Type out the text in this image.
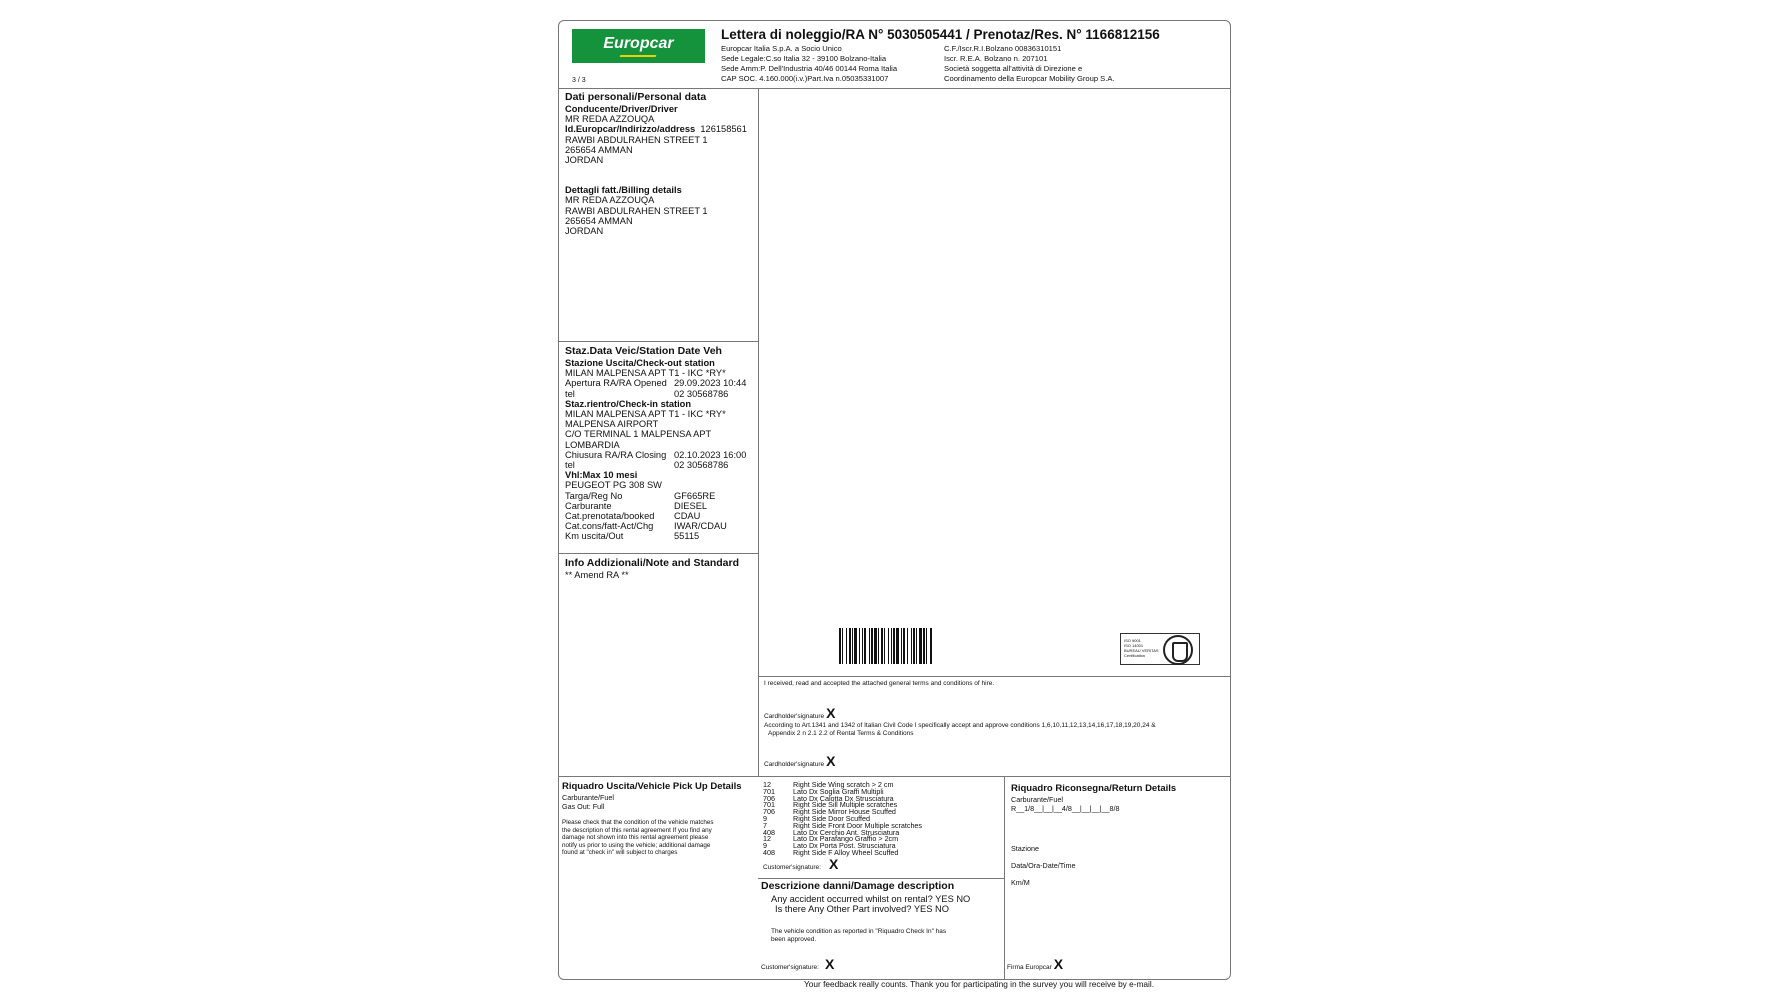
Europcar
3 / 3
Lettera di noleggio/RA N° 5030505441 / Prenotaz/Res. N° 1166812156
Europcar Italia S.p.A. a Socio Unico
Sede Legale:C.so Italia 32 - 39100 Bolzano-Italia
Sede Amm:P. Dell'Industria 40/46 00144 Roma Italia
CAP SOC. 4.160.000(i.v.)Part.Iva n.05035331007
C.F./Iscr.R.I.Bolzano 00836310151
Iscr. R.E.A. Bolzano n. 207101
Società soggetta all'attività di Direzione e
Coordinamento della Europcar Mobility Group S.A.
Dati personali/Personal data
Conducente/Driver/Driver
MR REDA AZZOUQA
Id.Europcar/Indirizzo/address 126158561
RAWBI ABDULRAHEN STREET 1
265654 AMMAN
JORDAN
Dettagli fatt./Billing details
MR REDA AZZOUQA
RAWBI ABDULRAHEN STREET 1
265654 AMMAN
JORDAN
Staz.Data Veic/Station Date Veh
Stazione Uscita/Check-out station
MILAN MALPENSA APT T1 - IKC *RY*
Apertura RA/RA Opened 29.09.2023 10:44
tel	02 30568786
Staz.rientro/Check-in station
MILAN MALPENSA APT T1 - IKC *RY*
MALPENSA AIRPORT
C/O TERMINAL 1 MALPENSA APT
LOMBARDIA
Chiusura RA/RA Closing 02.10.2023 16:00
tel	02 30568786
Vhl:Max 10 mesi
PEUGEOT PG 308 SW
Targa/Reg No	GF665RE
Carburante	DIESEL
Cat.prenotata/booked	CDAU
Cat.cons/fatt-Act/Chg	IWAR/CDAU
Km uscita/Out	55115
Info Addizionali/Note and Standard
** Amend RA **
ISO 9001
ISO 14001
BUREAU VERITAS
Certification
I received, read and accepted the attached general terms and conditions of hire.
Cardholder'signature X
According to Art.1341 and 1342 of Italian Civil Code I specifically accept and approve conditions 1,6,10,11,12,13,14,16,17,18,19,20,24 &
Appendix 2 n 2.1 2.2 of Rental Terms & Conditions
Cardholder'signature X
Riquadro Uscita/Vehicle Pick Up Details
Carburante/Fuel
Gas Out: Full
Please check that the condition of the vehicle matches
the description of this rental agreement If you find any
damage not shown into this rental agreement please
notify us prior to using the vehicle; additional damage
found at "check in" will subject to charges
12	Right Side Wing scratch > 2 cm
701	Lato Dx Soglia Graffi Multipli
706	Lato Dx Calotta Dx Strusciatura
701	Right Side Sill Multiple scratches
706	Right Side Mirror House Scuffed
9	Right Side Door Scuffed
7	Right Side Front Door Multiple scratches
408	Lato Dx Cerchio Ant. Strusciatura
12	Lato Dx Parafango Graffio > 2cm
9	Lato Dx Porta Post. Strusciatura
408	Right Side F Alloy Wheel Scuffed
Customer'signature: X
Descrizione danni/Damage description
Any accident occurred whilst on rental? YES NO
Is there Any Other Part involved? YES NO
The vehicle condition as reported in "Riquadro Check In" has
been approved.
Customer'signature: X
Riquadro Riconsegna/Return Details
Carburante/Fuel
R__1/8__|__|__4/8__|__|__|__8/8
Stazione
Data/Ora-Date/Time
Km/M
Firma Europcar X
Your feedback really counts. Thank you for participating in the survey you will receive by e-mail.
